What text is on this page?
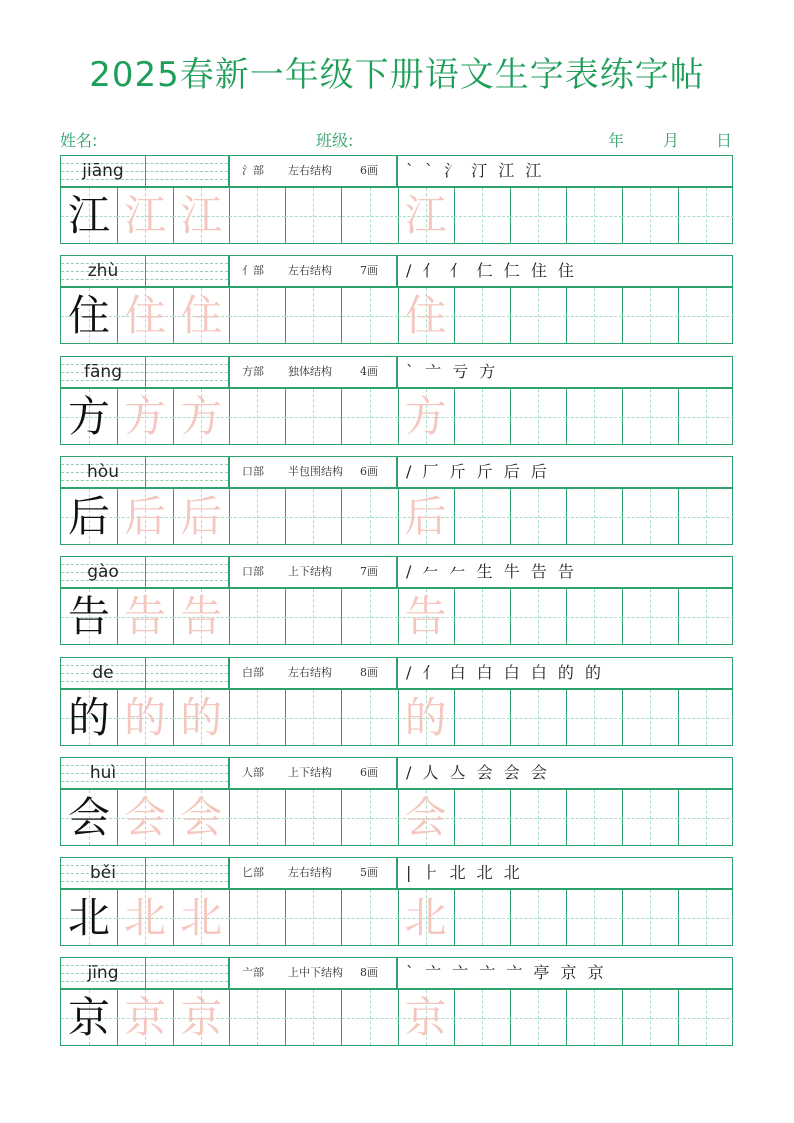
2025春新一年级下册语文生字表练字帖
姓名:	班级:	年 月 日
jiāng	氵部 左右结构	6画 ` ` 氵 汀 江 江
江 江 江	江
zhù	亻部 左右结构	7画 / 亻 亻 仁 仁 住 住
住 住 住	住
fāng	方部 独体结构	4画 ` 亠 亏 方
方 方 方	方
hòu	口部 半包围结构 6画 / 厂 斤 斤 后 后
后 后 后	后
gào	口部 上下结构	7画 / 𠂉 𠂉 生 牛 告 告
告 告 告	告
de	白部 左右结构	8画 / 亻 白 白 白 白 的 的
的 的 的	的
huì	人部 上下结构	6画 / 人 亼 会 会 会
会 会 会	会
běi	匕部 左右结构	5画 | ⺊ 北 北 北
北 北 北	北
jīng	亠部 上中下结构 8画 ` 亠 亠 亠 亠 亭 京 京
京 京 京	京
